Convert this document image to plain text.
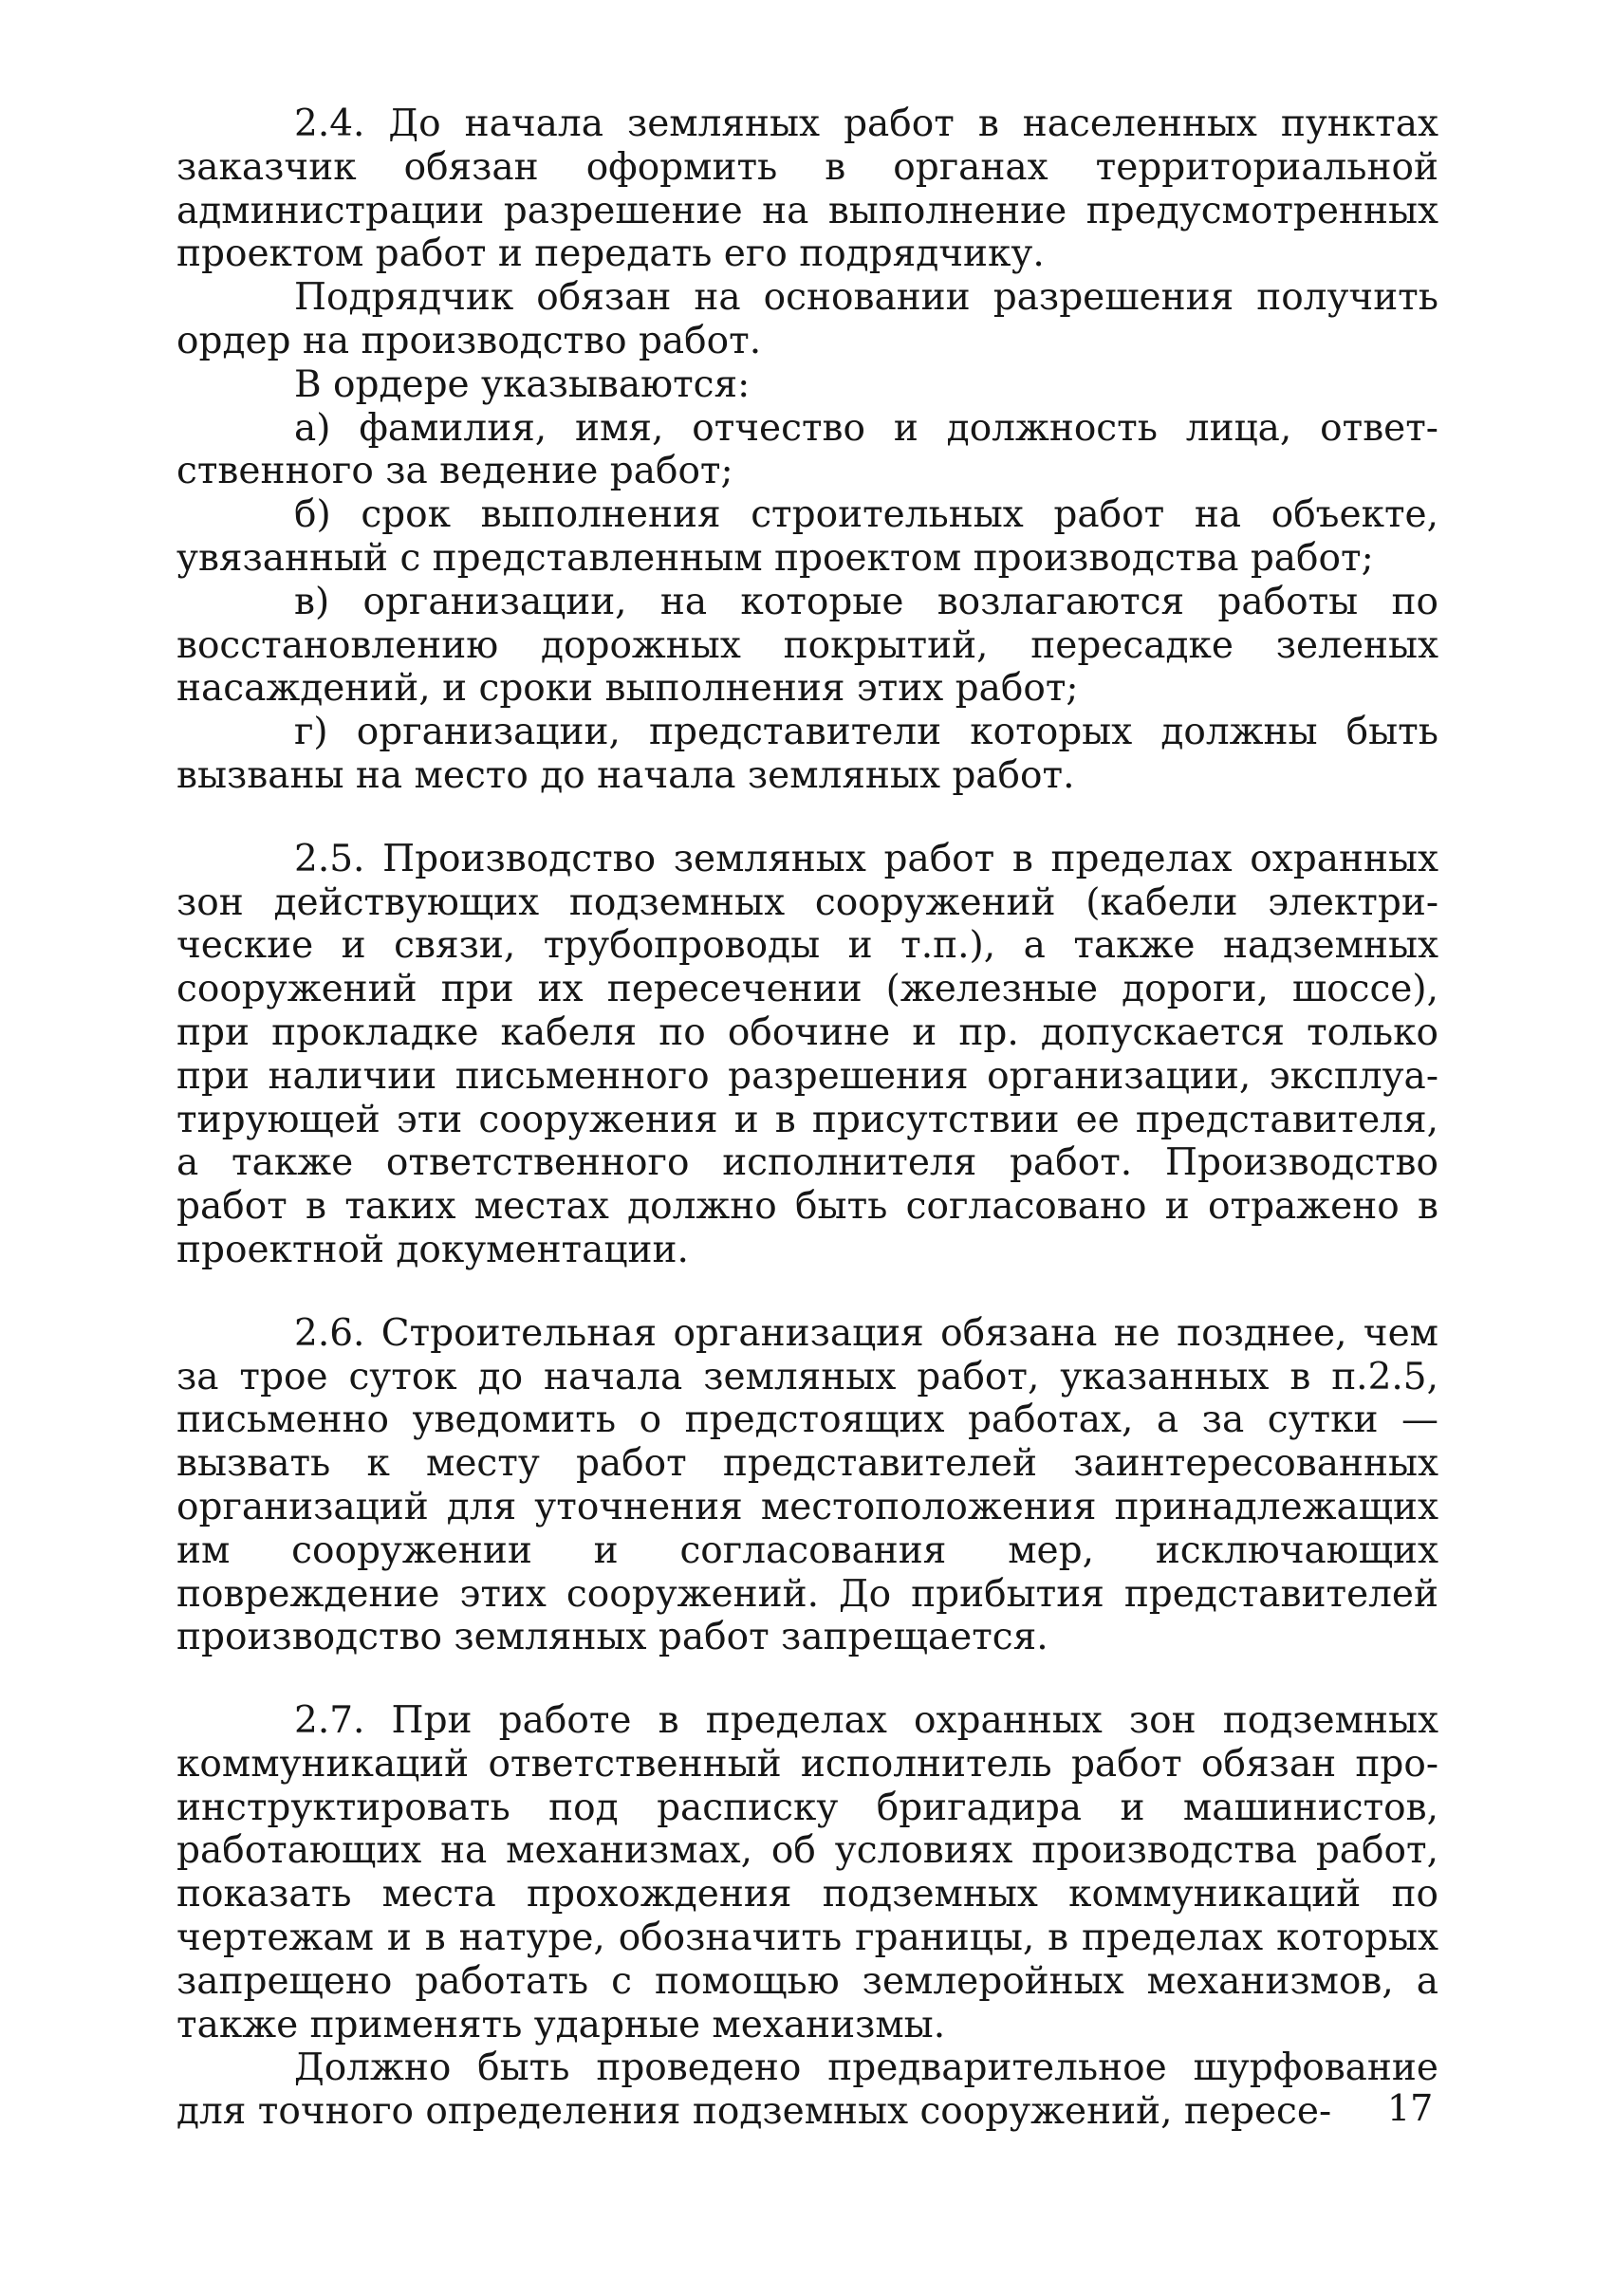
2.4. До начала земляных работ в населенных пунктах заказчик обязан оформить в органах территориальной администрации разрешение на выполнение предусмотренных проектом работ и передать его подрядчику.

Подрядчик обязан на основании разрешения получить ордер на производство работ.

В ордере указываются:

а) фамилия, имя, отчество и должность лица, ответ-ственного за ведение работ;

б) срок выполнения строительных работ на объекте, увязанный с представленным проектом производства работ;

в) организации, на которые возлагаются работы по восстановлению дорожных покрытий, пересадке зеленых насаждений, и сроки выполнения этих работ;

г) организации, представители которых должны быть вызваны на место до начала земляных работ.

2.5. Производство земляных работ в пределах охранных зон действующих подземных сооружений (кабели электри-ческие и связи, трубопроводы и т.п.), а также надземных сооружений при их пересечении (железные дороги, шоссе), при прокладке кабеля по обочине и пр. допускается только при наличии письменного разрешения организации, эксплуа-тирующей эти сооружения и в присутствии ее представителя, а также ответственного исполнителя работ. Производство работ в таких местах должно быть согласовано и отражено в проектной документации.

2.6. Строительная организация обязана не позднее, чем за трое суток до начала земляных работ, указанных в п.2.5, письменно уведомить о предстоящих работах, а за сутки — вызвать к месту работ представителей заинтересованных организаций для уточнения местоположения принадлежащих им сооружении и согласования мер, исключающих повреждение этих сооружений. До прибытия представителей производство земляных работ запрещается.

2.7. При работе в пределах охранных зон подземных коммуникаций ответственный исполнитель работ обязан про-инструктировать под расписку бригадира и машинистов, работающих на механизмах, об условиях производства работ, показать места прохождения подземных коммуникаций по чертежам и в натуре, обозначить границы, в пределах которых запрещено работать с помощью землеройных механизмов, а также применять ударные механизмы.

Должно быть проведено предварительное шурфование для точного определения подземных сооружений, пересе-	17
